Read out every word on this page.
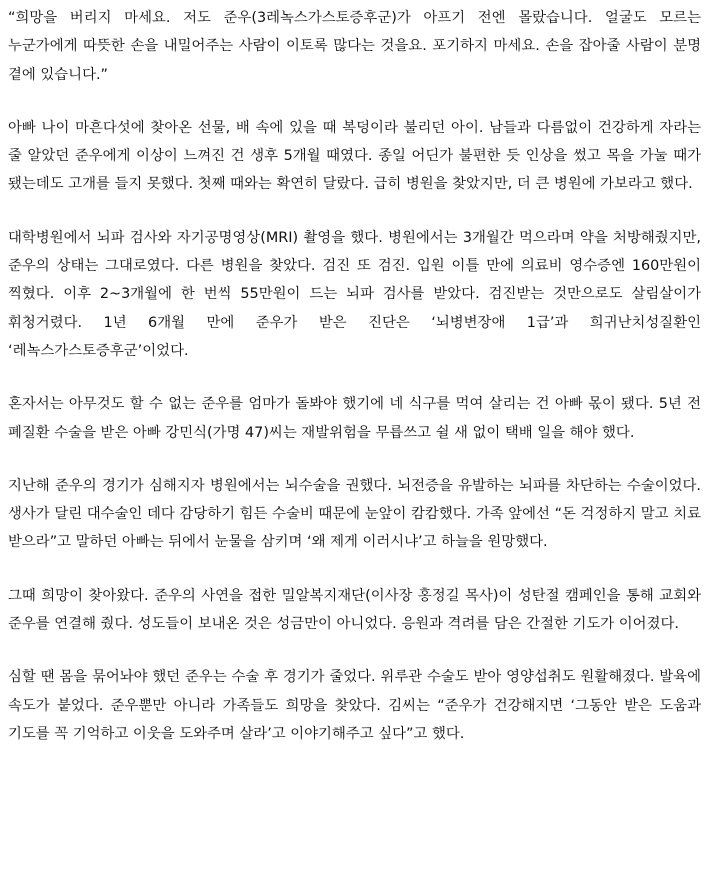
“희망을 버리지 마세요. 저도 준우(3레녹스가스토증후군)가 아프기 전엔 몰랐습니다. 얼굴도 모르는 누군가에게 따뜻한 손을 내밀어주는 사람이 이토록 많다는 것을요. 포기하지 마세요. 손을 잡아줄 사람이 분명 곁에 있습니다.”

아빠 나이 마흔다섯에 찾아온 선물, 배 속에 있을 때 복덩이라 불리던 아이. 남들과 다름없이 건강하게 자라는 줄 알았던 준우에게 이상이 느껴진 건 생후 5개월 때였다. 종일 어딘가 불편한 듯 인상을 썼고 목을 가눌 때가 됐는데도 고개를 들지 못했다. 첫째 때와는 확연히 달랐다. 급히 병원을 찾았지만, 더 큰 병원에 가보라고 했다.

대학병원에서 뇌파 검사와 자기공명영상(MRI) 촬영을 했다. 병원에서는 3개월간 먹으라며 약을 처방해줬지만, 준우의 상태는 그대로였다. 다른 병원을 찾았다. 검진 또 검진. 입원 이틀 만에 의료비 영수증엔 160만원이 찍혔다. 이후 2~3개월에 한 번씩 55만원이 드는 뇌파 검사를 받았다. 검진받는 것만으로도 살림살이가 휘청거렸다. 1년 6개월 만에 준우가 받은 진단은 ‘뇌병변장애 1급’과 희귀난치성질환인 ‘레녹스가스토증후군’이었다.

혼자서는 아무것도 할 수 없는 준우를 엄마가 돌봐야 했기에 네 식구를 먹여 살리는 건 아빠 몫이 됐다. 5년 전 폐질환 수술을 받은 아빠 강민식(가명 47)씨는 재발위험을 무릅쓰고 쉴 새 없이 택배 일을 해야 했다.

지난해 준우의 경기가 심해지자 병원에서는 뇌수술을 권했다. 뇌전증을 유발하는 뇌파를 차단하는 수술이었다. 생사가 달린 대수술인 데다 감당하기 힘든 수술비 때문에 눈앞이 캄캄했다. 가족 앞에선 “돈 걱정하지 말고 치료 받으라”고 말하던 아빠는 뒤에서 눈물을 삼키며 ‘왜 제게 이러시냐’고 하늘을 원망했다.

그때 희망이 찾아왔다. 준우의 사연을 접한 밀알복지재단(이사장 홍정길 목사)이 성탄절 캠페인을 통해 교회와 준우를 연결해 줬다. 성도들이 보내온 것은 성금만이 아니었다. 응원과 격려를 담은 간절한 기도가 이어졌다.

심할 땐 몸을 묶어놔야 했던 준우는 수술 후 경기가 줄었다. 위루관 수술도 받아 영양섭취도 원활해졌다. 발육에 속도가 붙었다. 준우뿐만 아니라 가족들도 희망을 찾았다. 김씨는 “준우가 건강해지면 ‘그동안 받은 도움과 기도를 꼭 기억하고 이웃을 도와주며 살라’고 이야기해주고 싶다”고 했다.
